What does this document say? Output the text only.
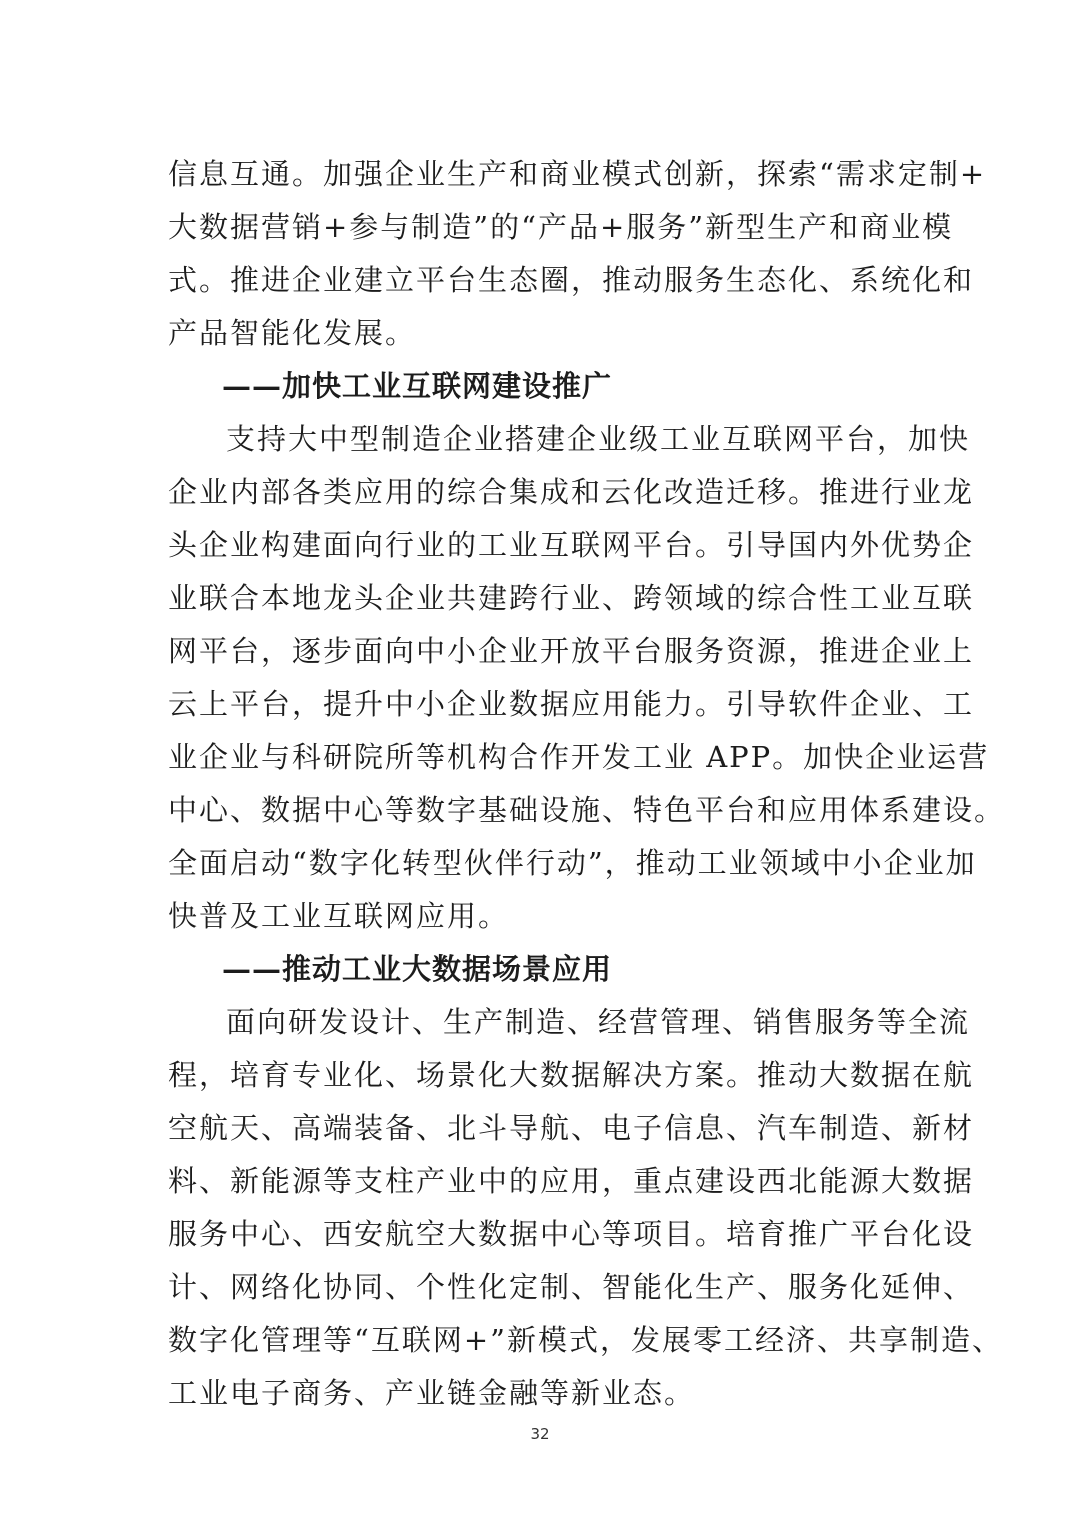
信息互通。加强企业生产和商业模式创新，探索“需求定制+
大数据营销+参与制造”的“产品+服务”新型生产和商业模
式。推进企业建立平台生态圈，推动服务生态化、系统化和
产品智能化发展。
——加快工业互联网建设推广
支持大中型制造企业搭建企业级工业互联网平台，加快
企业内部各类应用的综合集成和云化改造迁移。推进行业龙
头企业构建面向行业的工业互联网平台。引导国内外优势企
业联合本地龙头企业共建跨行业、跨领域的综合性工业互联
网平台，逐步面向中小企业开放平台服务资源，推进企业上
云上平台，提升中小企业数据应用能力。引导软件企业、工
业企业与科研院所等机构合作开发工业 APP。加快企业运营
中心、数据中心等数字基础设施、特色平台和应用体系建设。
全面启动“数字化转型伙伴行动”，推动工业领域中小企业加
快普及工业互联网应用。
——推动工业大数据场景应用
面向研发设计、生产制造、经营管理、销售服务等全流
程，培育专业化、场景化大数据解决方案。推动大数据在航
空航天、高端装备、北斗导航、电子信息、汽车制造、新材
料、新能源等支柱产业中的应用，重点建设西北能源大数据
服务中心、西安航空大数据中心等项目。培育推广平台化设
计、网络化协同、个性化定制、智能化生产、服务化延伸、
数字化管理等“互联网+”新模式，发展零工经济、共享制造、
工业电子商务、产业链金融等新业态。
32
